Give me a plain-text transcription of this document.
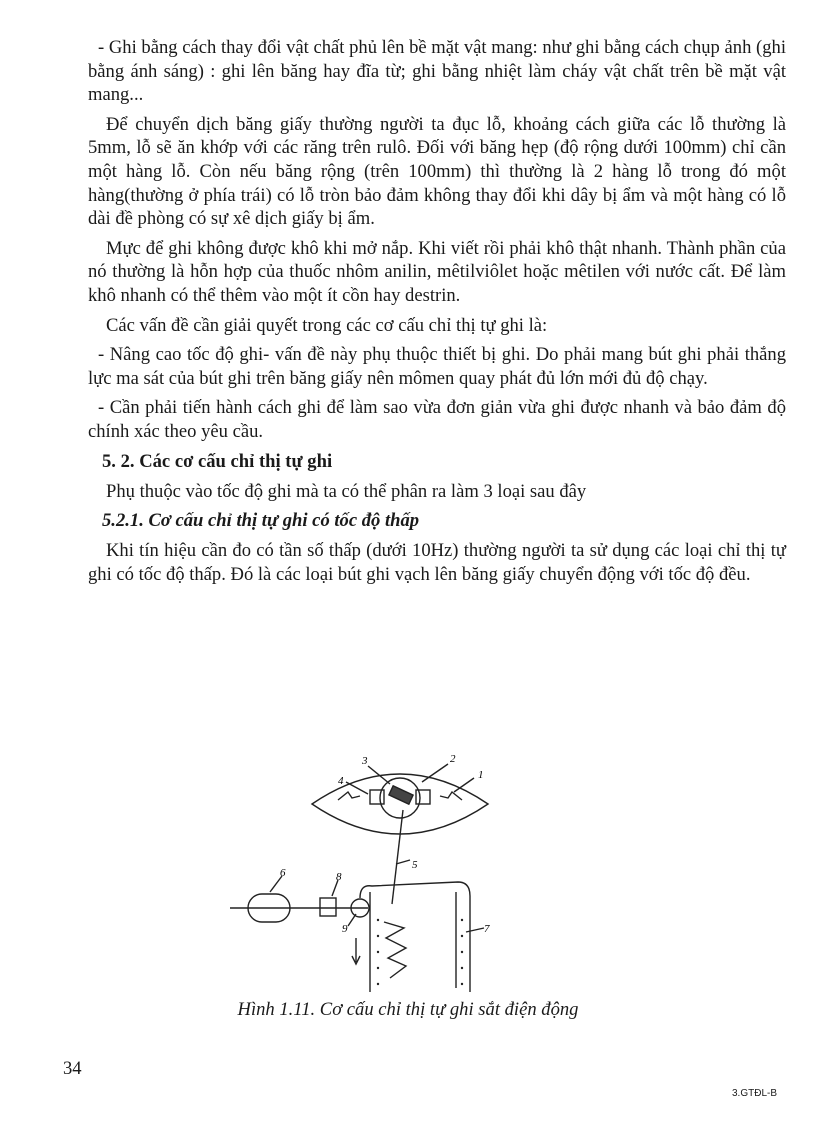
- Ghi bằng cách thay đổi vật chất phủ lên bề mặt vật mang: như ghi bằng cách chụp ảnh (ghi bằng ánh sáng) : ghi lên băng hay đĩa từ; ghi bằng nhiệt làm cháy vật chất trên bề mặt vật mang...

Để chuyển dịch băng giấy thường người ta đục lỗ, khoảng cách giữa các lỗ thường là 5mm, lỗ sẽ ăn khớp với các răng trên rulô. Đối với băng hẹp (độ rộng dưới 100mm) chỉ cần một hàng lỗ. Còn nếu băng rộng (trên 100mm) thì thường là 2 hàng lỗ trong đó một hàng(thường ở phía trái) có lỗ tròn bảo đảm không thay đổi khi dây bị ẩm và một hàng có lỗ dài đề phòng có sự xê dịch giấy bị ẩm.

Mực để ghi không được khô khi mở nắp. Khi viết rồi phải khô thật nhanh. Thành phần của nó thường là hỗn hợp của thuốc nhôm anilin, mêtilviôlet hoặc mêtilen với nước cất. Để làm khô nhanh có thể thêm vào một ít cồn hay destrin.

Các vấn đề cần giải quyết trong các cơ cấu chỉ thị tự ghi là:

- Nâng cao tốc độ ghi- vấn đề này phụ thuộc thiết bị ghi. Do phải mang bút ghi phải thắng lực ma sát của bút ghi trên băng giấy nên mômen quay phát đủ lớn mới đủ độ chạy.

- Cần phải tiến hành cách ghi để làm sao vừa đơn giản vừa ghi được nhanh và bảo đảm độ chính xác theo yêu cầu.

5. 2. Các cơ cấu chỉ thị tự ghi

Phụ thuộc vào tốc độ ghi mà ta có thể phân ra làm 3 loại sau đây

5.2.1. Cơ cấu chỉ thị tự ghi có tốc độ thấp

Khi tín hiệu cần đo có tần số thấp (dưới 10Hz) thường người ta sử dụng các loại chỉ thị tự ghi có tốc độ thấp. Đó là các loại bút ghi vạch lên băng giấy chuyển động với tốc độ đều.

1
2
3
4
5
6
7
8
9
Hình 1.11. Cơ cấu chỉ thị tự ghi sắt điện động
34
3.GTĐL-B
